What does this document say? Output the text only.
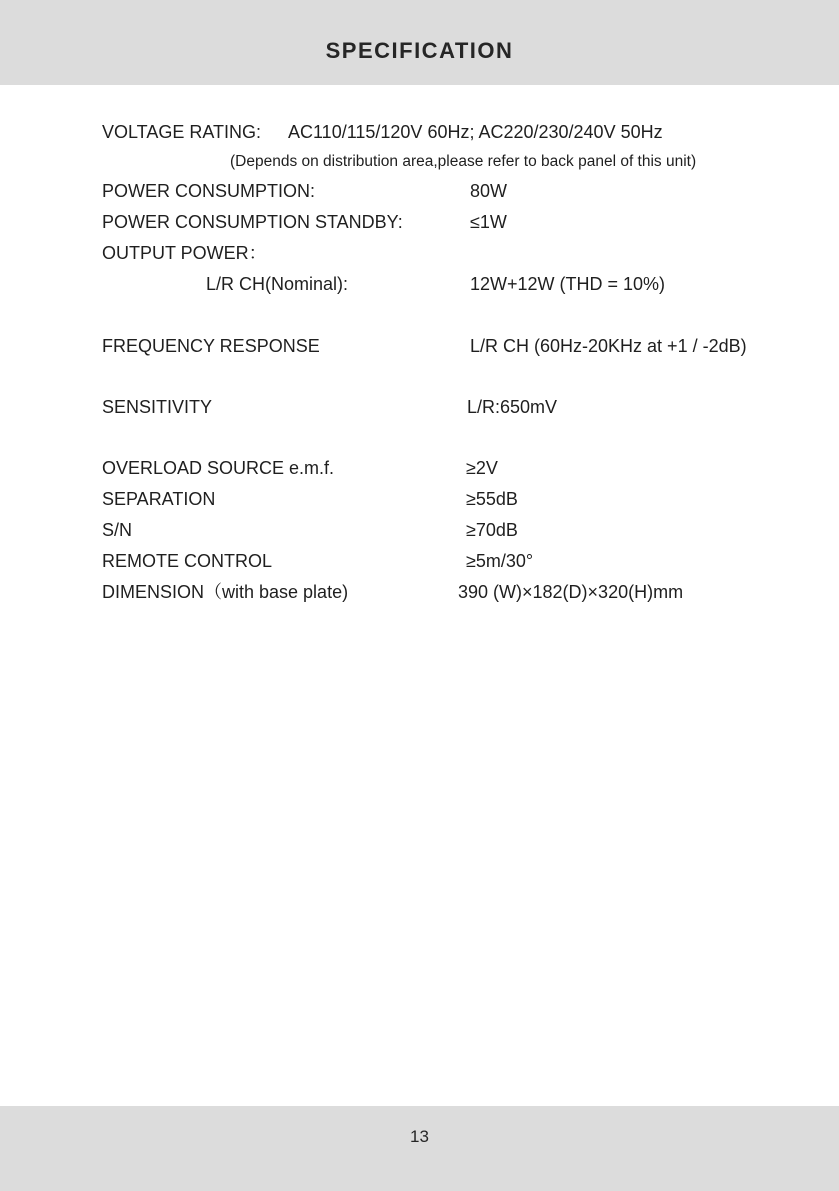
SPECIFICATION
VOLTAGE RATING: AC110/115/120V 60Hz; AC220/230/240V 50Hz
(Depends on distribution area,please refer to back panel of this unit)
POWER CONSUMPTION:	80W
POWER CONSUMPTION STANDBY:	≤1W
OUTPUT POWER：
L/R CH(Nominal):	12W+12W (THD = 10%)
FREQUENCY RESPONSE	L/R CH (60Hz-20KHz at +1 / -2dB)
SENSITIVITY	L/R:650mV
OVERLOAD SOURCE e.m.f.	≥2V
SEPARATION	≥55dB
S/N	≥70dB
REMOTE CONTROL	≥5m/30°
DIMENSION（with base plate)	390 (W)×182(D)×320(H)mm
13
